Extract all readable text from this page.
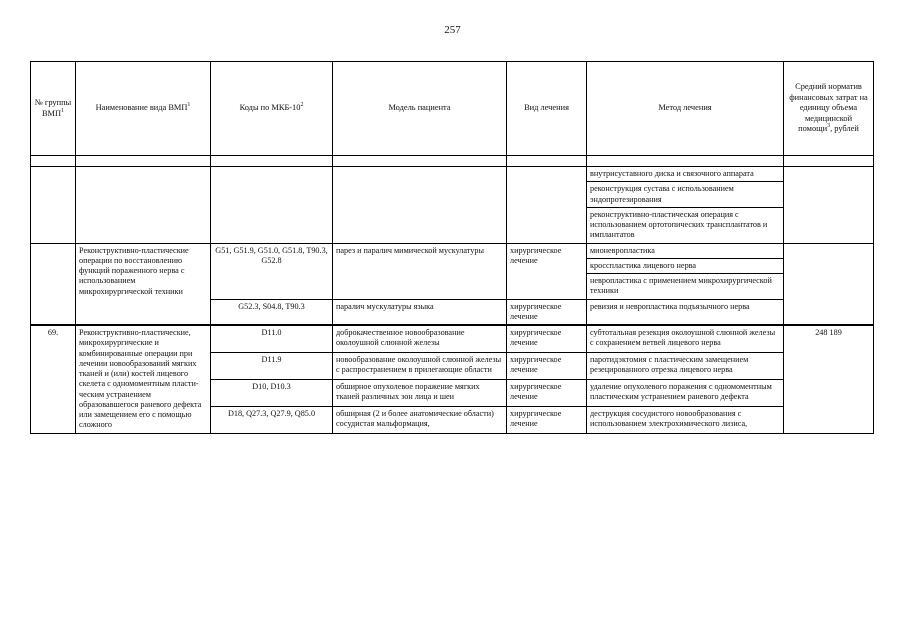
257
№ группы ВМП$^1$	Наименование вида ВМП$^1$	Коды по МКБ-$10^2$	Модель пациента	Вид лечения	Метод лечения	Средний норматив финансовых затрат на единицу объема медицинской помощи$^3$, рублей

					внутрисуставного диска и связочного аппарата	
					реконструкция сустава с использованием эндопротезирования	
					реконструктивно-пластическая операция с использованием ортотопических трансплантатов и имплантатов	
	Реконструктивно-пластические операции по восстановлению функций пораженного нерва с использованием микрохирургической техники	G51, G51.9, G51.0, G51.8, T90.3, G52.8	парез и паралич мимической мускулатуры	хирургическое лечение	мионевропластика	
					кросспластика лицевого нерва	
					невропластика с применением микрохирургической техники	
		G52.3, S04.8, T90.3	паралич мускулатуры языка	хирургическое лечение	ревизия и невропластика подъязычного нерва	
69.	Реконструктивно-пластические, микрохирургические и комбинированные операции при лечении новообразований мягких тканей и (или) костей лицевого скелета с одномоментным пласти-ческим устранением образовавшегося раневого дефекта или замещением его с помощью сложного	D11.0	доброкачественное новообразование околоушной слюнной железы	хирургическое лечение	субтотальная резекция околоушной слюнной железы с сохранением ветвей лицевого нерва	248 189
		D11.9	новообразование околоушной слюнной железы с распространением в прилегающие области	хирургическое лечение	паротидэктомия с пластическим замещением резецированного отрезка лицевого нерва	
		D10, D10.3	обширное опухолевое поражение мягких тканей различных зон лица и шеи	хирургическое лечение	удаление опухолевого поражения с одномоментным пластическим устранением раневого дефекта	
		D18, Q27.3, Q27.9, Q85.0	обширная (2 и более анатомические области) сосудистая мальформация,	хирургическое лечение	деструкция сосудистого новообразования с использованием электрохимического лизиса,	
